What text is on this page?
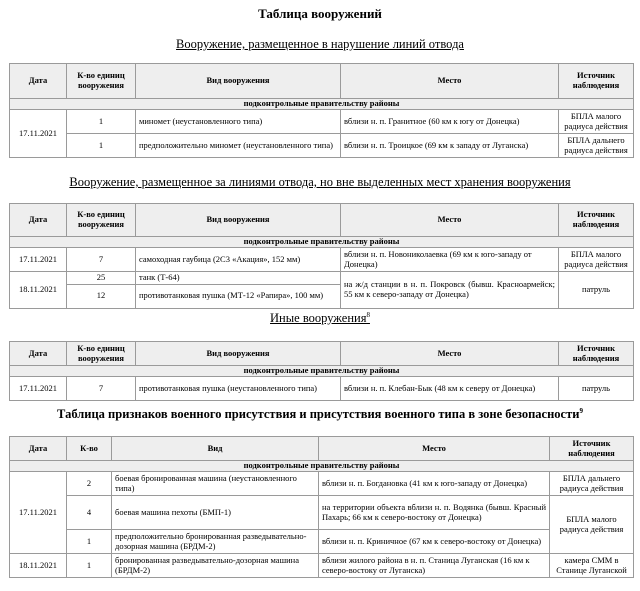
Таблица вооружений
Вооружение, размещенное в нарушение линий отвода
Дата	К-во единиц вооружения	Вид вооружения	Место	Источник наблюдения
подконтрольные правительству районы				
17.11.2021	1	миномет (неустановленного типа)	вблизи н. п. Гранитное (60 км к югу от Донецка)	БПЛА малого радиуса действия
	1	предположительно миномет (неустановленного типа)	вблизи н. п. Троицкое (69 км к западу от Луганска)	БПЛА дальнего радиуса действия
Вооружение, размещенное за линиями отвода, но вне выделенных мест хранения вооружения
Дата	К-во единиц вооружения	Вид вооружения	Место	Источник наблюдения
подконтрольные правительству районы				
17.11.2021	7	самоходная гаубица (2С3 «Акация», 152 мм)	вблизи н. п. Новониколаевка (69 км к юго-западу от Донецка)	БПЛА малого радиуса действия
18.11.2021	25	танк (Т-64)	на ж/д станции в н. п. Покровск (бывш. Красноармейск; 55 км к северо-западу от Донецка)	патруль
	12	противотанковая пушка (МТ-12 «Рапира», 100 мм)		
Иные вооружения$^8$
Дата	К-во единиц вооружения	Вид вооружения	Место	Источник наблюдения
подконтрольные правительству районы				
17.11.2021	7	противотанковая пушка (неустановленного типа)	вблизи н. п. Клебан-Бык (48 км к северу от Донецка)	патруль
Таблица признаков военного присутствия и присутствия военного типа в зоне безопасности$^9$
Дата	К-во	Вид	Место	Источник наблюдения
подконтрольные правительству районы				
17.11.2021	2	боевая бронированная машина (неустановленного типа)	вблизи н. п. Богдановка (41 км к юго-западу от Донецка)	БПЛА дальнего радиуса действия
	4	боевая машина пехоты (БМП-1)	на территории объекта вблизи н. п. Водянка (бывш. Красный Пахарь; 66 км к северо-востоку от Донецка)	БПЛА малого радиуса действия
	1	предположительно бронированная разведывательно-дозорная машина (БРДМ-2)	вблизи н. п. Криничное (67 км к северо-востоку от Донецка)	
18.11.2021	1	бронированная разведывательно-дозорная машина (БРДМ-2)	вблизи жилого района в н. п. Станица Луганская (16 км к северо-востоку от Луганска)	камера СММ в Станице Луганской
